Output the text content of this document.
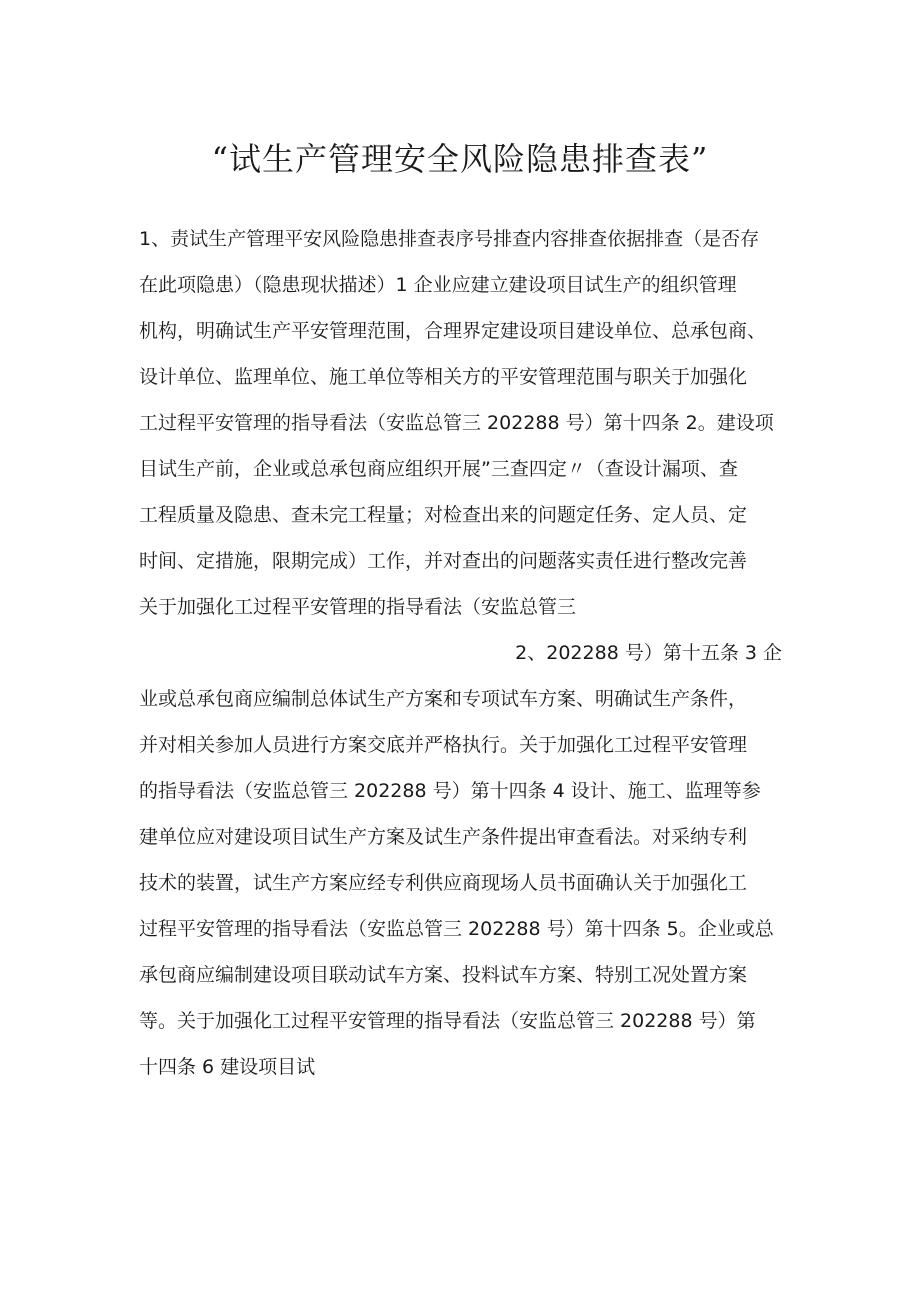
“试生产管理安全风险隐患排查表”
1、责试生产管理平安风险隐患排查表序号排查内容排查依据排查（是否存
在此项隐患）（隐患现状描述）1 企业应建立建设项目试生产的组织管理
机构，明确试生产平安管理范围，合理界定建设项目建设单位、总承包商、
设计单位、监理单位、施工单位等相关方的平安管理范围与职关于加强化
工过程平安管理的指导看法（安监总管三 202288 号）第十四条 2。建设项
目试生产前，企业或总承包商应组织开展”三查四定〃（查设计漏项、查
工程质量及隐患、查未完工程量；对检查出来的问题定任务、定人员、定
时间、定措施，限期完成）工作，并对查出的问题落实责任进行整改完善
关于加强化工过程平安管理的指导看法（安监总管三
2、202288 号）第十五条 3 企
业或总承包商应编制总体试生产方案和专项试车方案、明确试生产条件，
并对相关参加人员进行方案交底并严格执行。关于加强化工过程平安管理
的指导看法（安监总管三 202288 号）第十四条 4 设计、施工、监理等参
建单位应对建设项目试生产方案及试生产条件提出审查看法。对采纳专利
技术的装置，试生产方案应经专利供应商现场人员书面确认关于加强化工
过程平安管理的指导看法（安监总管三 202288 号）第十四条 5。企业或总
承包商应编制建设项目联动试车方案、投料试车方案、特别工况处置方案
等。关于加强化工过程平安管理的指导看法（安监总管三 202288 号）第
十四条 6 建设项目试
